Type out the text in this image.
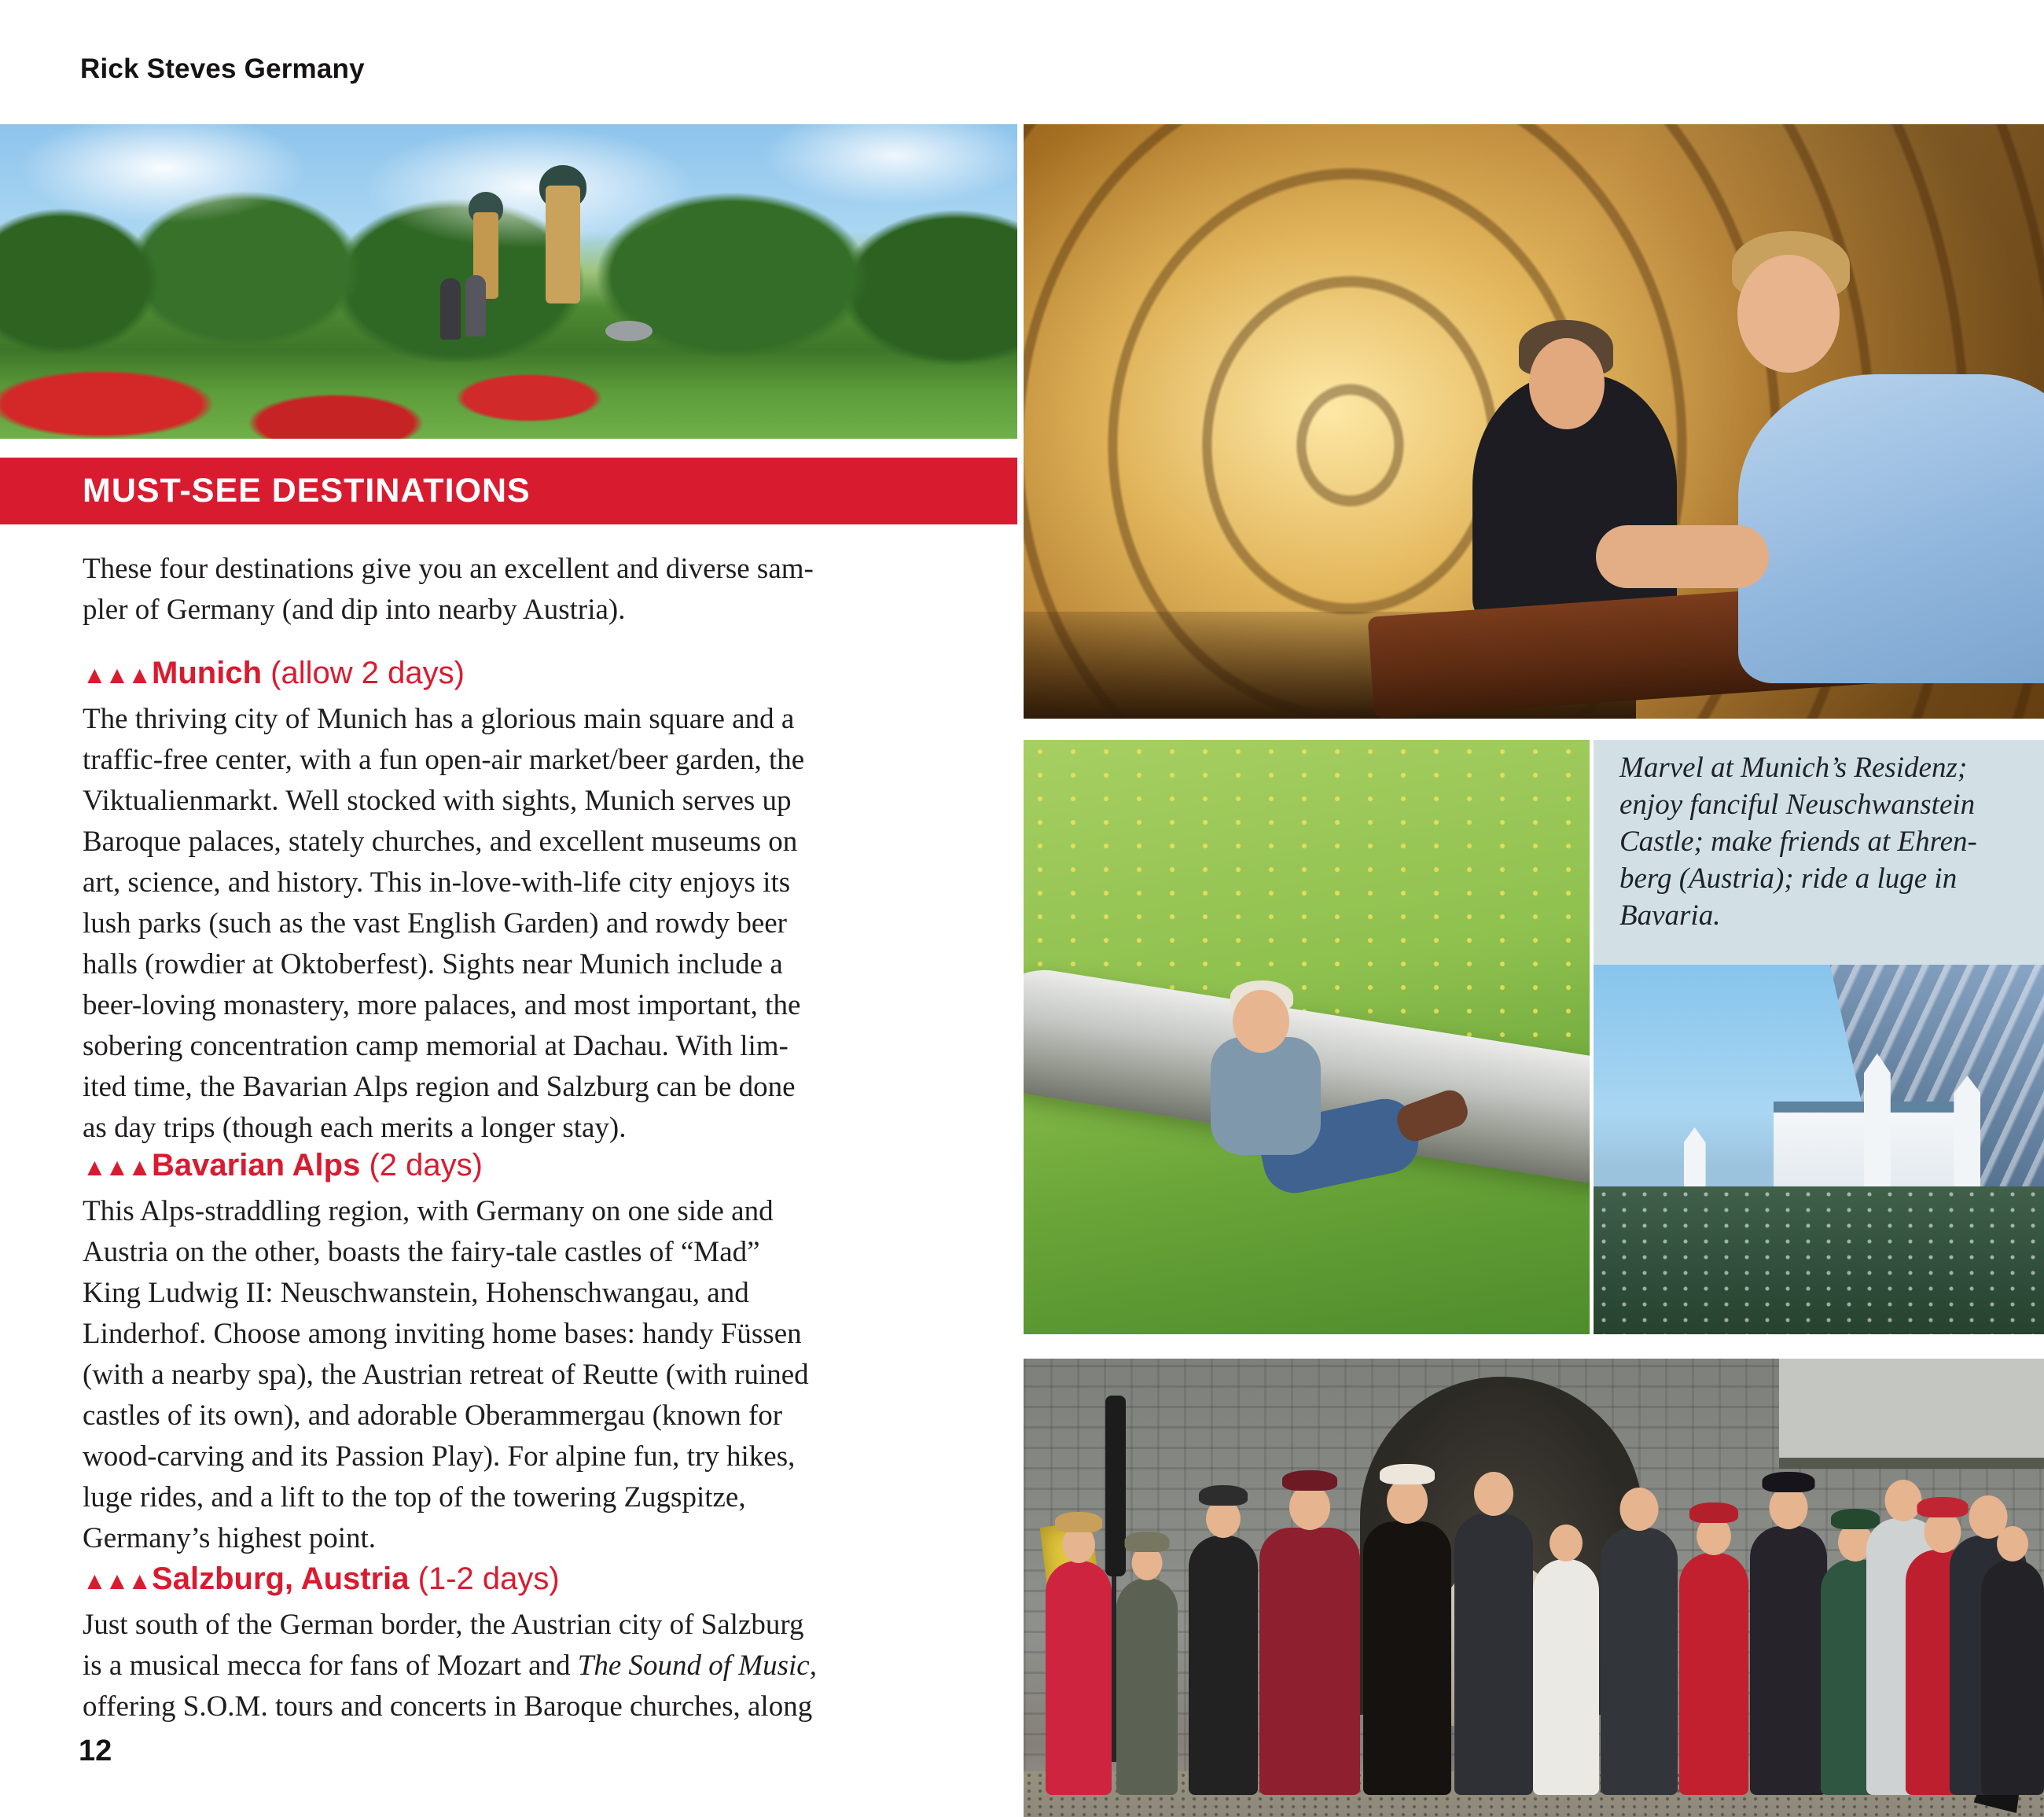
Rick Steves Germany
MUST-SEE DESTINATIONS
These four destinations give you an excellent and diverse sam-
pler of Germany (and dip into nearby Austria).
▲▲▲Munich (allow 2 days)
The thriving city of Munich has a glorious main square and a
traffic-free center, with a fun open-air market/beer garden, the
Viktualienmarkt. Well stocked with sights, Munich serves up
Baroque palaces, stately churches, and excellent museums on
art, science, and history. This in-love-with-life city enjoys its
lush parks (such as the vast English Garden) and rowdy beer
halls (rowdier at Oktoberfest). Sights near Munich include a
beer-loving monastery, more palaces, and most important, the
sobering concentration camp memorial at Dachau. With lim-
ited time, the Bavarian Alps region and Salzburg can be done
as day trips (though each merits a longer stay).
▲▲▲Bavarian Alps (2 days)
This Alps-straddling region, with Germany on one side and
Austria on the other, boasts the fairy-tale castles of “Mad”
King Ludwig II: Neuschwanstein, Hohenschwangau, and
Linderhof. Choose among inviting home bases: handy Füssen
(with a nearby spa), the Austrian retreat of Reutte (with ruined
castles of its own), and adorable Oberammergau (known for
wood-carving and its Passion Play). For alpine fun, try hikes,
luge rides, and a lift to the top of the towering Zugspitze,
Germany’s highest point.
▲▲▲Salzburg, Austria (1-2 days)
Just south of the German border, the Austrian city of Salzburg
is a musical mecca for fans of Mozart and The Sound of Music,
offering S.O.M. tours and concerts in Baroque churches, along
Marvel at Munich’s Residenz;
enjoy fanciful Neuschwanstein
Castle; make friends at Ehren-
berg (Austria); ride a luge in
Bavaria.
12
